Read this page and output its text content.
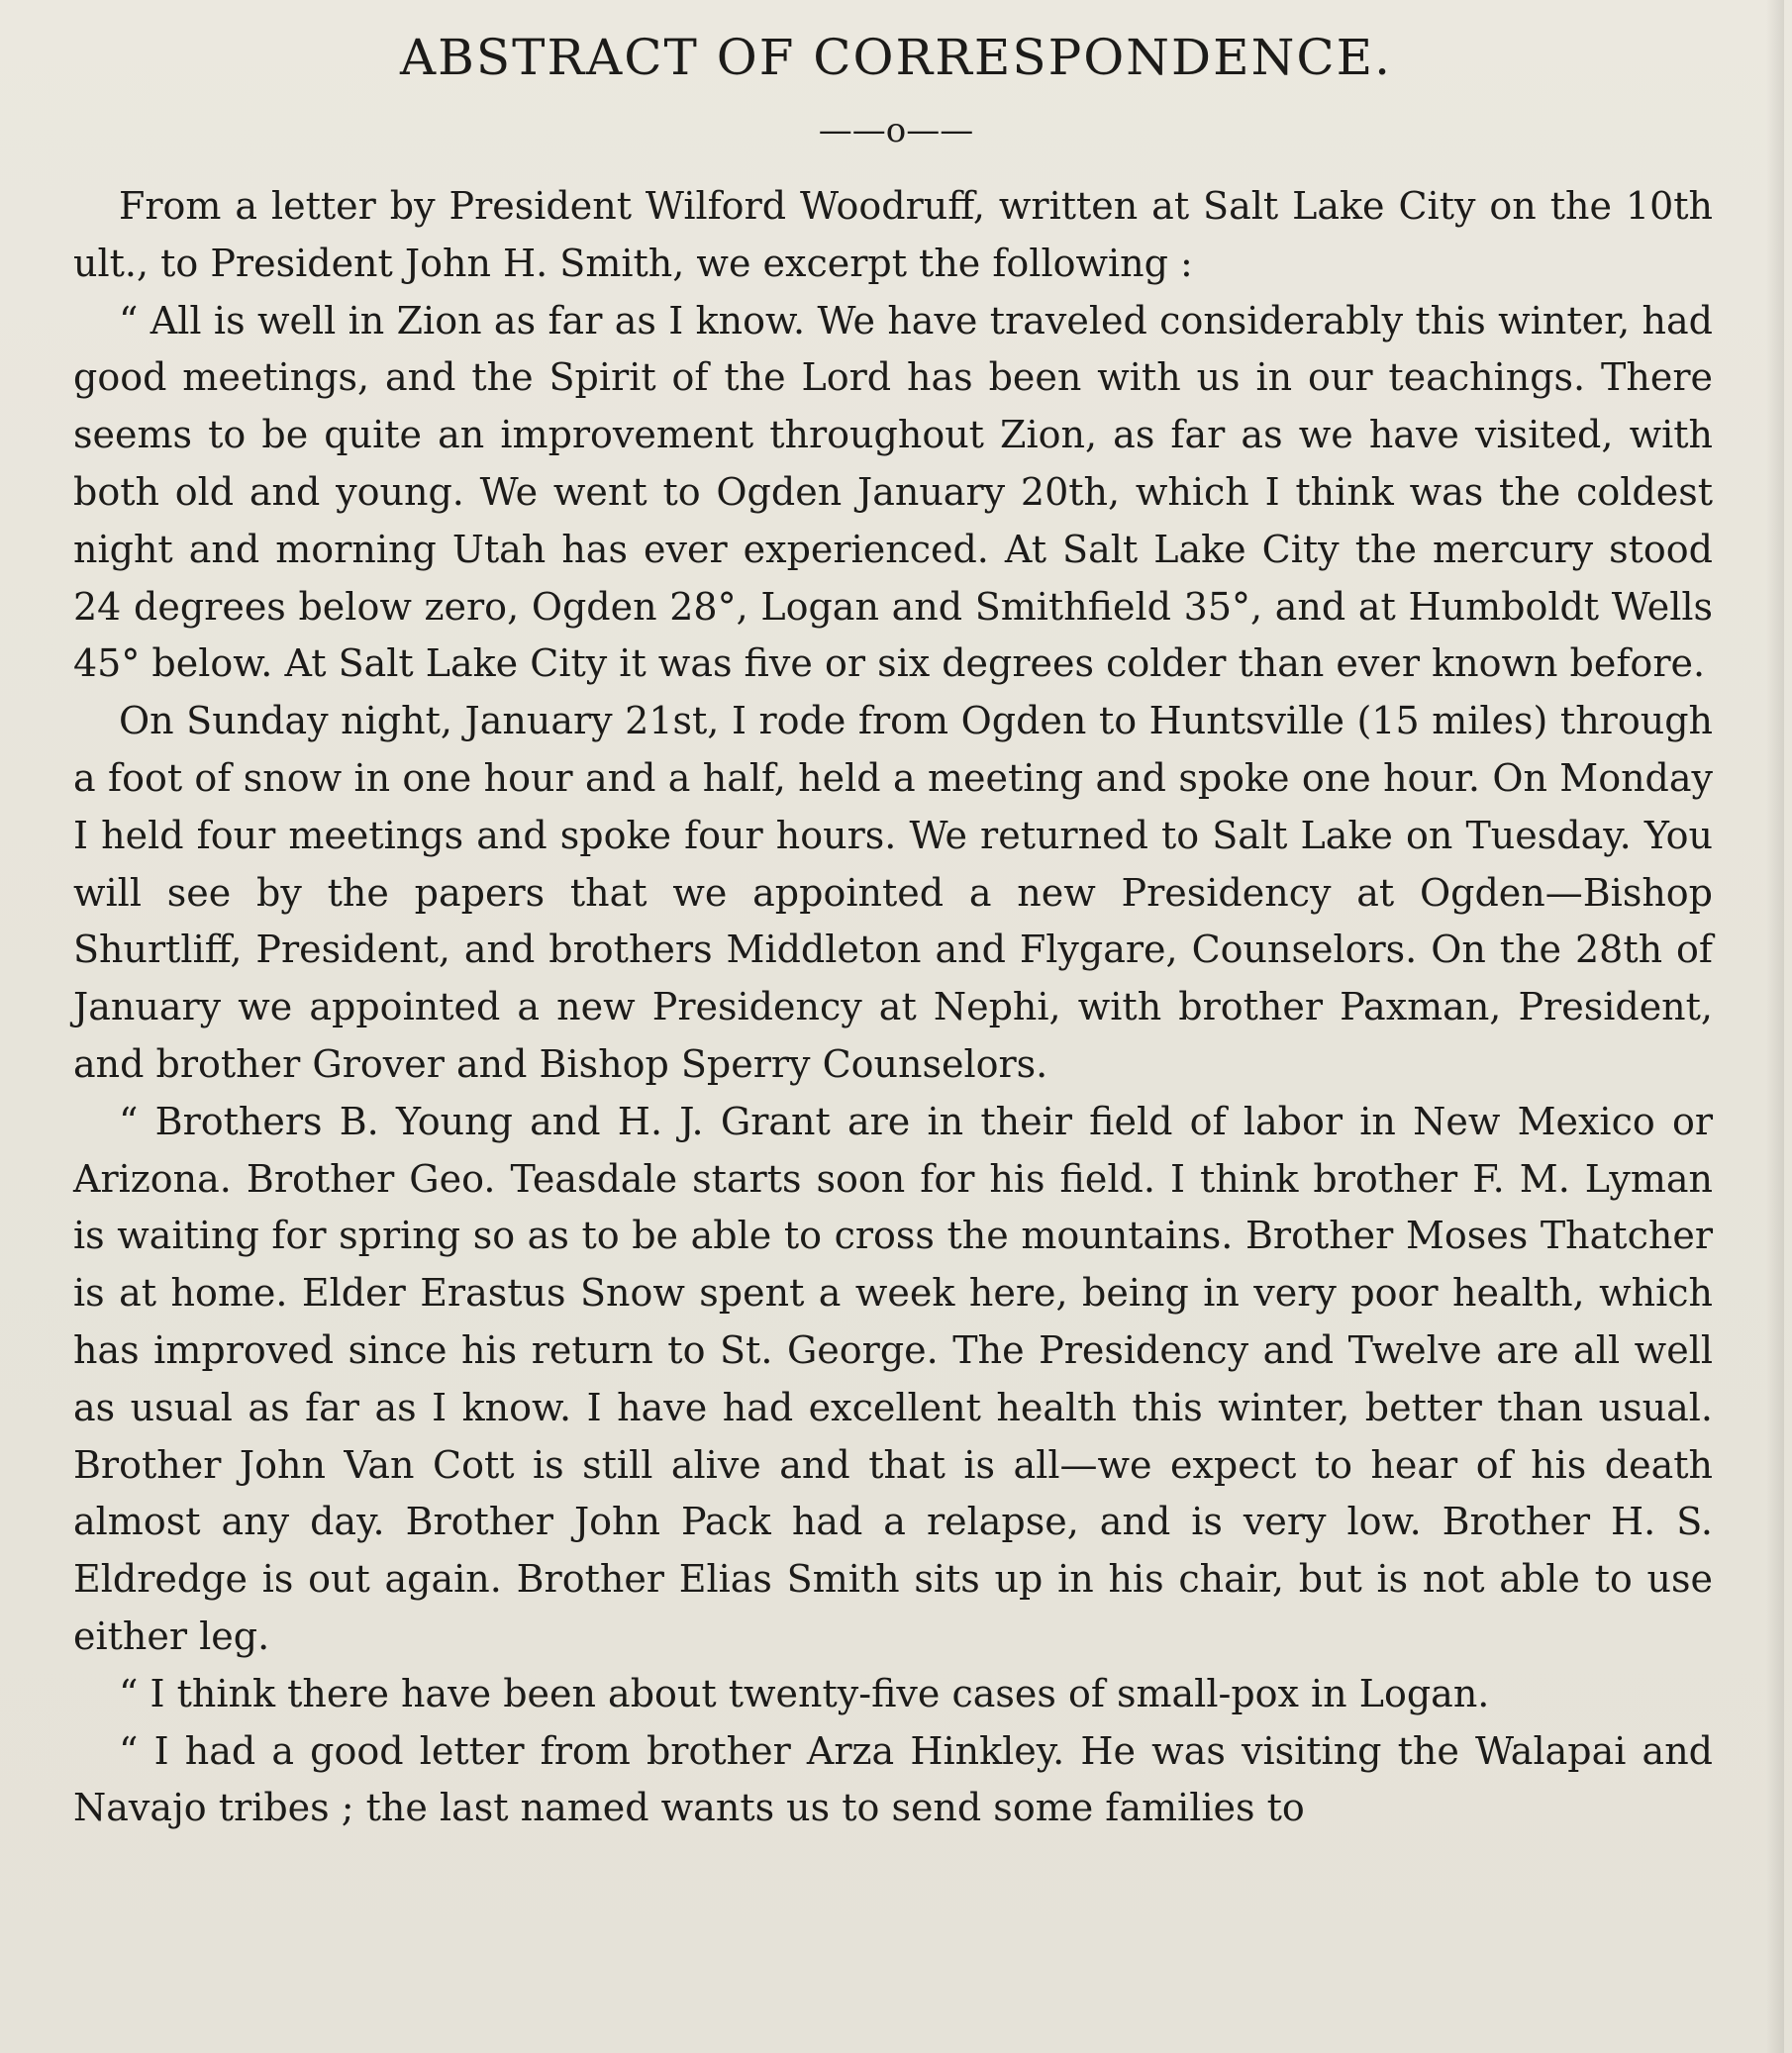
ABSTRACT OF CORRESPONDENCE.
——o——

From a letter by President Wilford Woodruff, written at Salt Lake City on the 10th ult., to President John H. Smith, we excerpt the following :

“ All is well in Zion as far as I know. We have traveled considerably this winter, had good meetings, and the Spirit of the Lord has been with us in our teachings. There seems to be quite an improvement throughout Zion, as far as we have visited, with both old and young. We went to Ogden January 20th, which I think was the coldest night and morning Utah has ever experienced. At Salt Lake City the mercury stood 24 degrees below zero, Ogden 28°, Logan and Smithfield 35°, and at Humboldt Wells 45° below. At Salt Lake City it was five or six degrees colder than ever known before.

On Sunday night, January 21st, I rode from Ogden to Huntsville (15 miles) through a foot of snow in one hour and a half, held a meeting and spoke one hour. On Monday I held four meetings and spoke four hours. We returned to Salt Lake on Tuesday. You will see by the papers that we appointed a new Presidency at Ogden—Bishop Shurtliff, President, and brothers Middleton and Flygare, Counselors. On the 28th of January we appointed a new Presidency at Nephi, with brother Paxman, President, and brother Grover and Bishop Sperry Counselors.

“ Brothers B. Young and H. J. Grant are in their field of labor in New Mexico or Arizona. Brother Geo. Teasdale starts soon for his field. I think brother F. M. Lyman is waiting for spring so as to be able to cross the mountains. Brother Moses Thatcher is at home. Elder Erastus Snow spent a week here, being in very poor health, which has improved since his return to St. George. The Presidency and Twelve are all well as usual as far as I know. I have had excellent health this winter, better than usual. Brother John Van Cott is still alive and that is all—we expect to hear of his death almost any day. Brother John Pack had a relapse, and is very low. Brother H. S. Eldredge is out again. Brother Elias Smith sits up in his chair, but is not able to use either leg.

“ I think there have been about twenty-five cases of small-pox in Logan.

“ I had a good letter from brother Arza Hinkley. He was visiting the Walapai and Navajo tribes ; the last named wants us to send some families to
